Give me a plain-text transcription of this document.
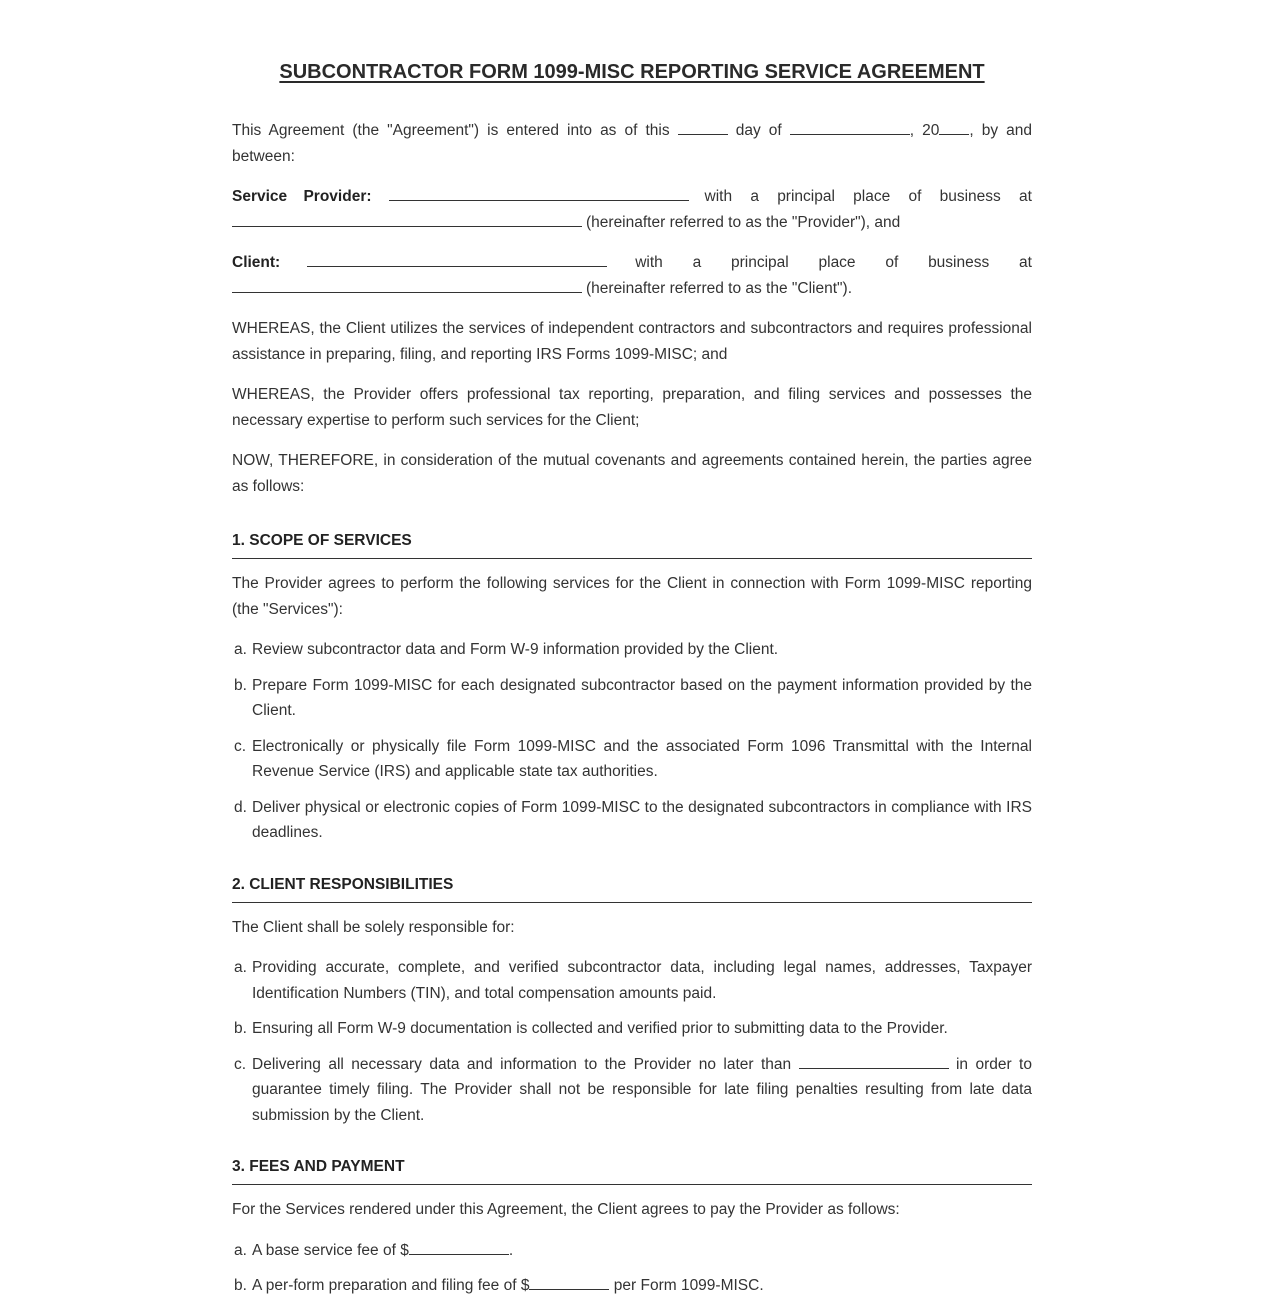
SUBCONTRACTOR FORM 1099-MISC REPORTING SERVICE AGREEMENT

This Agreement (the "Agreement") is entered into as of this	day of	, 20 , by and between:

Service Provider:	with a principal place of business at
(hereinafter referred to as the "Provider"), and
Client:	with a principal place of business at
(hereinafter referred to as the "Client").

WHEREAS, the Client utilizes the services of independent contractors and subcontractors and requires professional assistance in preparing, filing, and reporting IRS Forms 1099-MISC; and

WHEREAS, the Provider offers professional tax reporting, preparation, and filing services and possesses the necessary expertise to perform such services for the Client;

NOW, THEREFORE, in consideration of the mutual covenants and agreements contained herein, the parties agree as follows:

1. SCOPE OF SERVICES

The Provider agrees to perform the following services for the Client in connection with Form 1099-MISC reporting (the "Services"):

a. Review subcontractor data and Form W-9 information provided by the Client.
b. Prepare Form 1099-MISC for each designated subcontractor based on the payment information provided by the Client.
c. Electronically or physically file Form 1099-MISC and the associated Form 1096 Transmittal with the Internal Revenue Service (IRS) and applicable state tax authorities.
d. Deliver physical or electronic copies of Form 1099-MISC to the designated subcontractors in compliance with IRS deadlines.
2. CLIENT RESPONSIBILITIES

The Client shall be solely responsible for:

a. Providing accurate, complete, and verified subcontractor data, including legal names, addresses, Taxpayer Identification Numbers (TIN), and total compensation amounts paid.
b. Ensuring all Form W-9 documentation is collected and verified prior to submitting data to the Provider.
c. Delivering all necessary data and information to the Provider no later than	in order to guarantee timely filing. The Provider shall not be responsible for late filing penalties resulting from late data submission by the Client.
3. FEES AND PAYMENT

For the Services rendered under this Agreement, the Client agrees to pay the Provider as follows:

a. A base service fee of $	.
b. A per-form preparation and filing fee of $	per Form 1099-MISC.
